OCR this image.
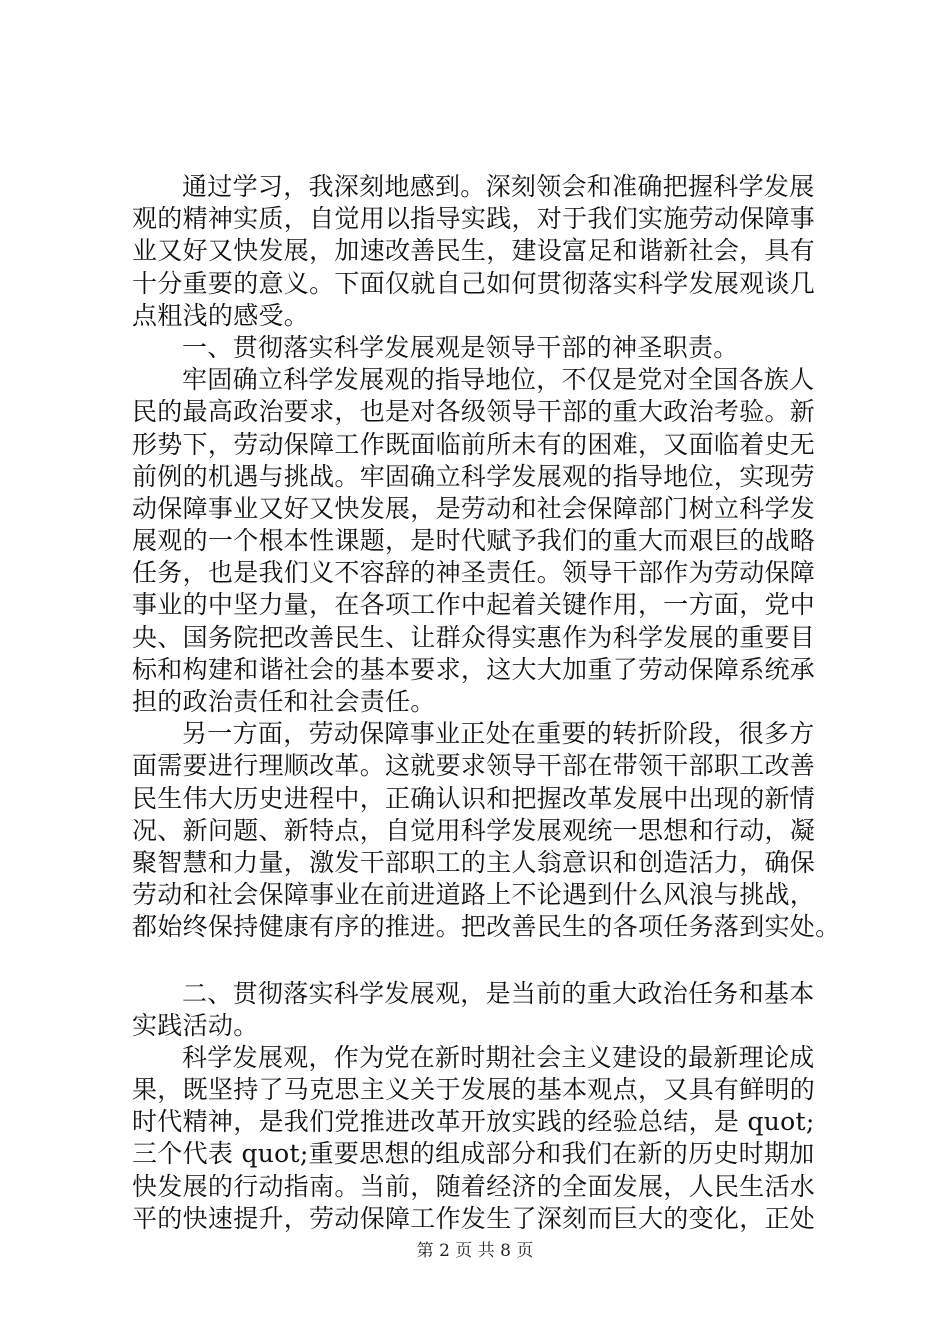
通过学习，我深刻地感到。深刻领会和准确把握科学发展
观的精神实质，自觉用以指导实践，对于我们实施劳动保障事
业又好又快发展，加速改善民生，建设富足和谐新社会，具有
十分重要的意义。下面仅就自己如何贯彻落实科学发展观谈几
点粗浅的感受。
一、贯彻落实科学发展观是领导干部的神圣职责。
牢固确立科学发展观的指导地位，不仅是党对全国各族人
民的最高政治要求，也是对各级领导干部的重大政治考验。新
形势下，劳动保障工作既面临前所未有的困难，又面临着史无
前例的机遇与挑战。牢固确立科学发展观的指导地位，实现劳
动保障事业又好又快发展，是劳动和社会保障部门树立科学发
展观的一个根本性课题，是时代赋予我们的重大而艰巨的战略
任务，也是我们义不容辞的神圣责任。领导干部作为劳动保障
事业的中坚力量，在各项工作中起着关键作用，一方面，党中
央、国务院把改善民生、让群众得实惠作为科学发展的重要目
标和构建和谐社会的基本要求，这大大加重了劳动保障系统承
担的政治责任和社会责任。
另一方面，劳动保障事业正处在重要的转折阶段，很多方
面需要进行理顺改革。这就要求领导干部在带领干部职工改善
民生伟大历史进程中，正确认识和把握改革发展中出现的新情
况、新问题、新特点，自觉用科学发展观统一思想和行动，凝
聚智慧和力量，激发干部职工的主人翁意识和创造活力，确保
劳动和社会保障事业在前进道路上不论遇到什么风浪与挑战，
都始终保持健康有序的推进。把改善民生的各项任务落到实处。
二、贯彻落实科学发展观，是当前的重大政治任务和基本
实践活动。
科学发展观，作为党在新时期社会主义建设的最新理论成
果，既坚持了马克思主义关于发展的基本观点，又具有鲜明的
时代精神，是我们党推进改革开放实践的经验总结，是 quot;
三个代表 quot;重要思想的组成部分和我们在新的历史时期加
快发展的行动指南。当前，随着经济的全面发展，人民生活水
平的快速提升，劳动保障工作发生了深刻而巨大的变化，正处
第 2 页 共 8 页
